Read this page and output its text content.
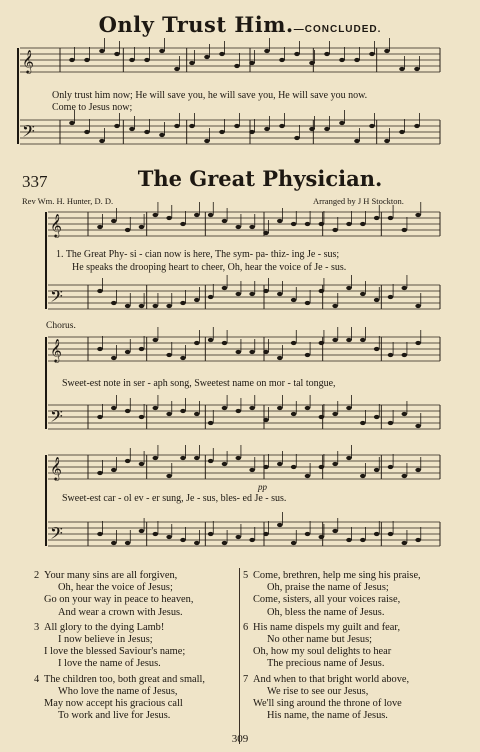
𝄞
𝄢
𝄞
𝄢
𝄞
𝄢
𝄞
𝄢
Only Trust Him.—CONCLUDED.
Only trust him now; He will save you, he will save you, He will save you now.
Come to Jesus now;
337	The Great Physician.
Rev Wm. H. Hunter, D. D.	Arranged by J H Stockton.
1. The Great Phy- si - cian now is here, The sym- pa- thiz- ing Je - sus;
He speaks the drooping heart to cheer, Oh, hear the voice of Je - sus.
Chorus.
Sweet-est note in ser - aph song, Sweetest name on mor - tal tongue,
Sweet-est car - ol ev - er sung, Je - sus, bles- ed Je - sus.
pp
2 Your many sins are all forgiven,
Oh, hear the voice of Jesus;
Go on your way in peace to heaven,
And wear a crown with Jesus.
3 All glory to the dying Lamb!
I now believe in Jesus;
I love the blessed Saviour's name;
I love the name of Jesus.
4 The children too, both great and small,
Who love the name of Jesus,
May now accept his gracious call
To work and live for Jesus.
5 Come, brethren, help me sing his praise,
Oh, praise the name of Jesus;
Come, sisters, all your voices raise,
Oh, bless the name of Jesus.
6 His name dispels my guilt and fear,
No other name but Jesus;
Oh, how my soul delights to hear
The precious name of Jesus.
7 And when to that bright world above,
We rise to see our Jesus,
We'll sing around the throne of love
His name, the name of Jesus.
309
